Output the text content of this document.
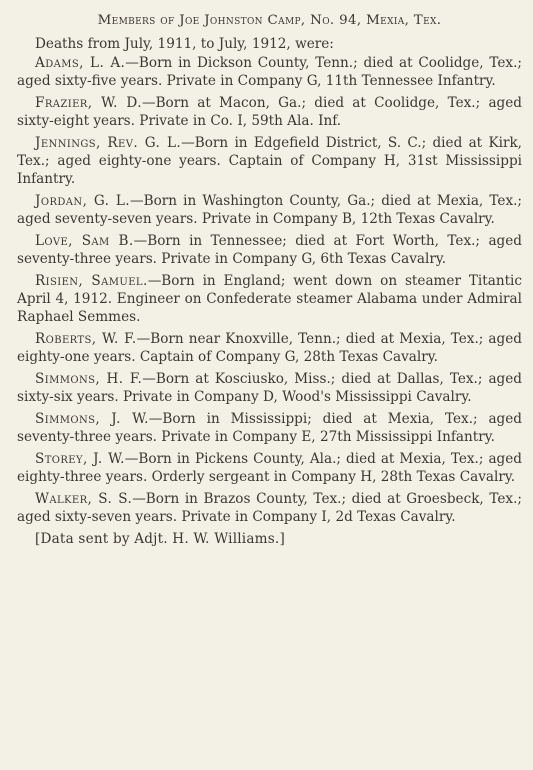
Members of Joe Johnston Camp, No. 94, Mexia, Tex.

Deaths from July, 1911, to July, 1912, were:

Adams, L. A.—Born in Dickson County, Tenn.; died at Coolidge, Tex.; aged sixty-five years. Private in Company G, 11th Tennessee Infantry.

Frazier, W. D.—Born at Macon, Ga.; died at Coolidge, Tex.; aged sixty-eight years. Private in Co. I, 59th Ala. Inf.

Jennings, Rev. G. L.—Born in Edgefield District, S. C.; died at Kirk, Tex.; aged eighty-one years. Captain of Company H, 31st Mississippi Infantry.

Jordan, G. L.—Born in Washington County, Ga.; died at Mexia, Tex.; aged seventy-seven years. Private in Company B, 12th Texas Cavalry.

Love, Sam B.—Born in Tennessee; died at Fort Worth, Tex.; aged seventy-three years. Private in Company G, 6th Texas Cavalry.

Risien, Samuel.—Born in England; went down on steamer Titantic April 4, 1912. Engineer on Confederate steamer Alabama under Admiral Raphael Semmes.

Roberts, W. F.—Born near Knoxville, Tenn.; died at Mexia, Tex.; aged eighty-one years. Captain of Company G, 28th Texas Cavalry.

Simmons, H. F.—Born at Kosciusko, Miss.; died at Dallas, Tex.; aged sixty-six years. Private in Company D, Wood's Mississippi Cavalry.

Simmons, J. W.—Born in Mississippi; died at Mexia, Tex.; aged seventy-three years. Private in Company E, 27th Mississippi Infantry.

Storey, J. W.—Born in Pickens County, Ala.; died at Mexia, Tex.; aged eighty-three years. Orderly sergeant in Company H, 28th Texas Cavalry.

Walker, S. S.—Born in Brazos County, Tex.; died at Groesbeck, Tex.; aged sixty-seven years. Private in Company I, 2d Texas Cavalry.

[Data sent by Adjt. H. W. Williams.]
